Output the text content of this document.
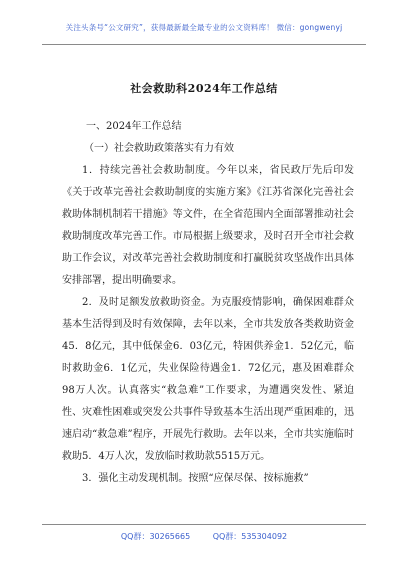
关注头条号“公文研究”，获得最新最全最专业的公文资料库！ 微信：gongwenyj
社会救助科2024年工作总结

一、2024年工作总结

（一）社会救助政策落实有力有效

1．持续完善社会救助制度。今年以来，省民政厅先后印发《关于改革完善社会救助制度的实施方案》《江苏省深化完善社会救助体制机制若干措施》等文件，在全省范围内全面部署推动社会救助制度改革完善工作。市局根据上级要求，及时召开全市社会救助工作会议，对改革完善社会救助制度和打赢脱贫攻坚战作出具体安排部署，提出明确要求。

2．及时足额发放救助资金。为克服疫情影响，确保困难群众基本生活得到及时有效保障，去年以来，全市共发放各类救助资金45．8亿元，其中低保金6．03亿元，特困供养金1．52亿元，临时救助金6．1亿元，失业保险待遇金1．72亿元，惠及困难群众98万人次。认真落实“救急难”工作要求，为遭遇突发性、紧迫性、灾难性困难或突发公共事件导致基本生活出现严重困难的，迅速启动“救急难”程序，开展先行救助。去年以来，全市共实施临时救助5．4万人次，发放临时救助款5515万元。

3．强化主动发现机制。按照“应保尽保、按标施救”

QQ群：30265665	QQ群：535304092
